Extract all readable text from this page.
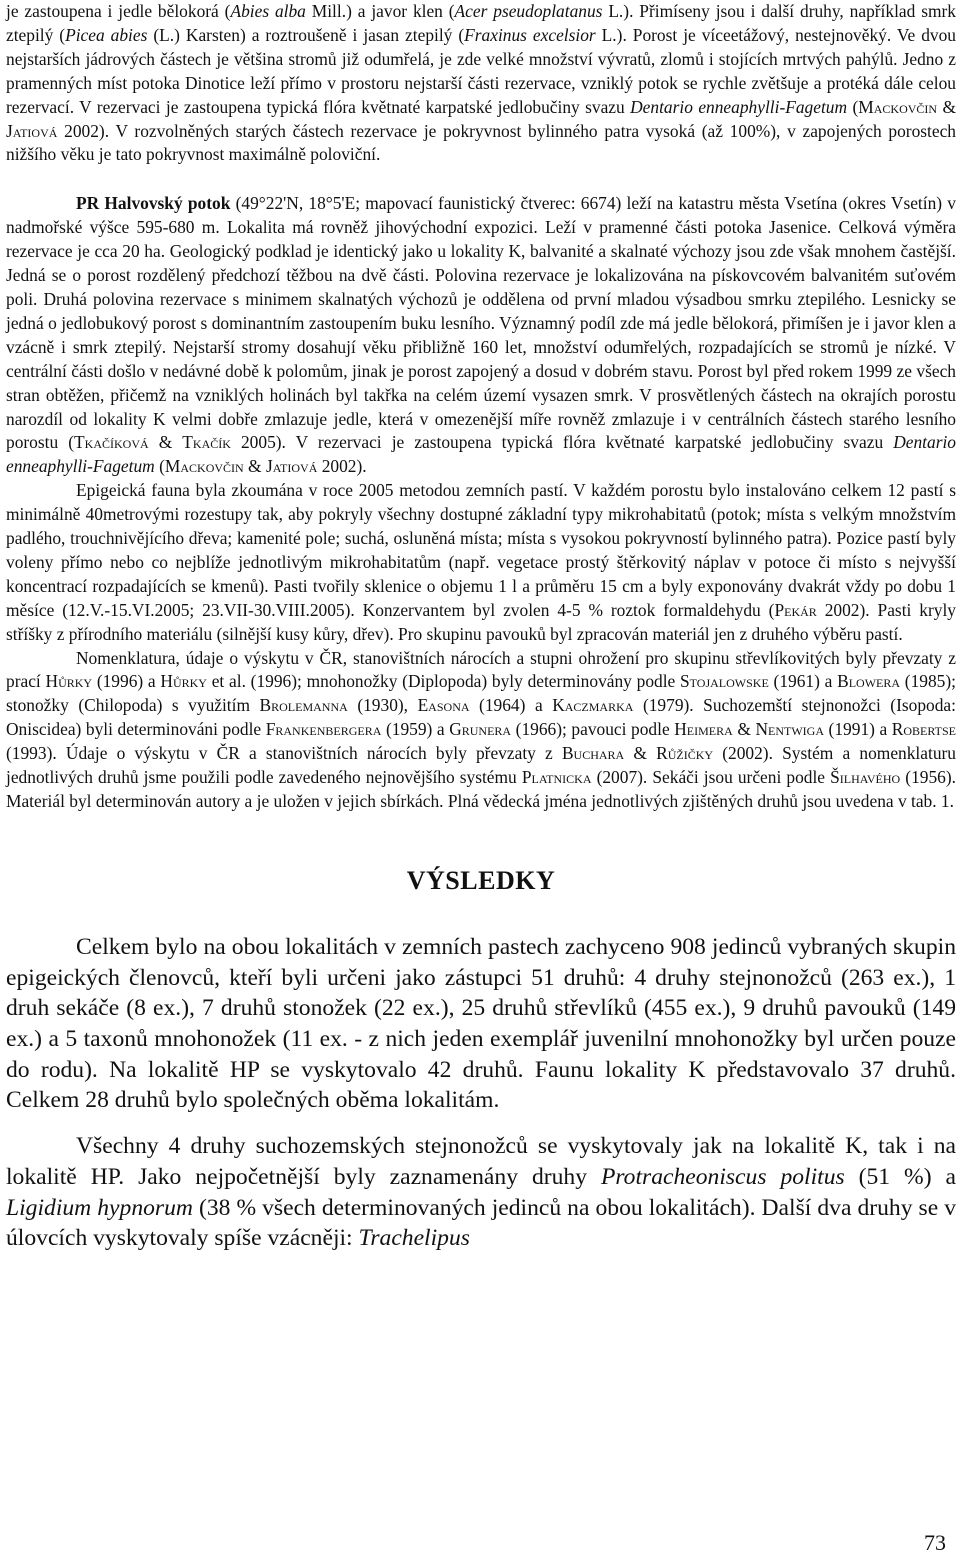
je zastoupena i jedle bělokorá (Abies alba Mill.) a javor klen (Acer pseudoplatanus L.). Přimíseny jsou i další druhy, například smrk ztepilý (Picea abies (L.) Karsten) a roztroušeně i jasan ztepilý (Fraxinus excelsior L.). Porost je víceetážový, nestejnověký. Ve dvou nejstarších jádrových částech je většina stromů již odumřelá, je zde velké množství vývratů, zlomů i stojících mrtvých pahýlů. Jedno z pramenných míst potoka Dinotice leží přímo v prostoru nejstarší části rezervace, vzniklý potok se rychle zvětšuje a protéká dále celou rezervací. V rezervaci je zastoupena typická flóra květnaté karpatské jedlobučiny svazu Dentario enneaphylli-Fagetum (Mackovčin & Jatiová 2002). V rozvolněných starých částech rezervace je pokryvnost bylinného patra vysoká (až 100%), v zapojených porostech nižšího věku je tato pokryvnost maximálně poloviční.

PR Halvovský potok (49°22'N, 18°5'E; mapovací faunistický čtverec: 6674) leží na katastru města Vsetína (okres Vsetín) v nadmořské výšce 595-680 m. Lokalita má rovněž jihovýchodní expozici. Leží v pramenné části potoka Jasenice. Celková výměra rezervace je cca 20 ha. Geologický podklad je identický jako u lokality K, balvanité a skalnaté výchozy jsou zde však mnohem častější. Jedná se o porost rozdělený předchozí těžbou na dvě části. Polovina rezervace je lokalizována na pískovcovém balvanitém suťovém poli. Druhá polovina rezervace s minimem skalnatých výchozů je oddělena od první mladou výsadbou smrku ztepilého. Lesnicky se jedná o jedlobukový porost s dominantním zastoupením buku lesního. Významný podíl zde má jedle bělokorá, přimíšen je i javor klen a vzácně i smrk ztepilý. Nejstarší stromy dosahují věku přibližně 160 let, množství odumřelých, rozpadajících se stromů je nízké. V centrální části došlo v nedávné době k polomům, jinak je porost zapojený a dosud v dobrém stavu. Porost byl před rokem 1999 ze všech stran obtěžen, přičemž na vzniklých holinách byl takřka na celém území vysazen smrk. V prosvětlených částech na okrajích porostu narozdíl od lokality K velmi dobře zmlazuje jedle, která v omezenější míře rovněž zmlazuje i v centrálních částech starého lesního porostu (Tkačíková & Tkačík 2005). V rezervaci je zastoupena typická flóra květnaté karpatské jedlobučiny svazu Dentario enneaphylli-Fagetum (Mackovčin & Jatiová 2002).

Epigeická fauna byla zkoumána v roce 2005 metodou zemních pastí. V každém porostu bylo instalováno celkem 12 pastí s minimálně 40metrovými rozestupy tak, aby pokryly všechny dostupné základní typy mikrohabitatů (potok; místa s velkým množstvím padlého, trouchnivějícího dřeva; kamenité pole; suchá, osluněná místa; místa s vysokou pokryvností bylinného patra). Pozice pastí byly voleny přímo nebo co nejblíže jednotlivým mikrohabitatům (např. vegetace prostý štěrkovitý náplav v potoce či místo s nejvyšší koncentrací rozpadajících se kmenů). Pasti tvořily sklenice o objemu 1 l a průměru 15 cm a byly exponovány dvakrát vždy po dobu 1 měsíce (12.V.-15.VI.2005; 23.VII-30.VIII.2005). Konzervantem byl zvolen 4-5 % roztok formaldehydu (Pekár 2002). Pasti kryly stříšky z přírodního materiálu (silnější kusy kůry, dřev). Pro skupinu pavouků byl zpracován materiál jen z druhého výběru pastí.

Nomenklatura, údaje o výskytu v ČR, stanovištních nárocích a stupni ohrožení pro skupinu střevlíkovitých byly převzaty z prací Hůrky (1996) a Hůrky et al. (1996); mnohonožky (Diplopoda) byly determinovány podle Stojalowske (1961) a Blowera (1985); stonožky (Chilopoda) s využitím Brolemanna (1930), Easona (1964) a Kaczmarka (1979). Suchozemští stejnonožci (Isopoda: Oniscidea) byli determinováni podle Frankenbergera (1959) a Grunera (1966); pavouci podle Heimera & Nentwiga (1991) a Robertse (1993). Údaje o výskytu v ČR a stanovištních nárocích byly převzaty z Buchara & Růžičky (2002). Systém a nomenklaturu jednotlivých druhů jsme použili podle zavedeného nejnovějšího systému Platnicka (2007). Sekáči jsou určeni podle Šilhavého (1956). Materiál byl determinován autory a je uložen v jejich sbírkách. Plná vědecká jména jednotlivých zjištěných druhů jsou uvedena v tab. 1.

VÝSLEDKY

Celkem bylo na obou lokalitách v zemních pastech zachyceno 908 jedinců vybraných skupin epigeických členovců, kteří byli určeni jako zástupci 51 druhů: 4 druhy stejnonožců (263 ex.), 1 druh sekáče (8 ex.), 7 druhů stonožek (22 ex.), 25 druhů střevlíků (455 ex.), 9 druhů pavouků (149 ex.) a 5 taxonů mnohonožek (11 ex. - z nich jeden exemplář juvenilní mnohonožky byl určen pouze do rodu). Na lokalitě HP se vyskytovalo 42 druhů. Faunu lokality K představovalo 37 druhů. Celkem 28 druhů bylo společných oběma lokalitám.

Všechny 4 druhy suchozemských stejnonožců se vyskytovaly jak na lokalitě K, tak i na lokalitě HP. Jako nejpočetnější byly zaznamenány druhy Protracheoniscus politus (51 %) a Ligidium hypnorum (38 % všech determinovaných jedinců na obou lokalitách). Další dva druhy se v úlovcích vyskytovaly spíše vzácněji: Trachelipus

73
